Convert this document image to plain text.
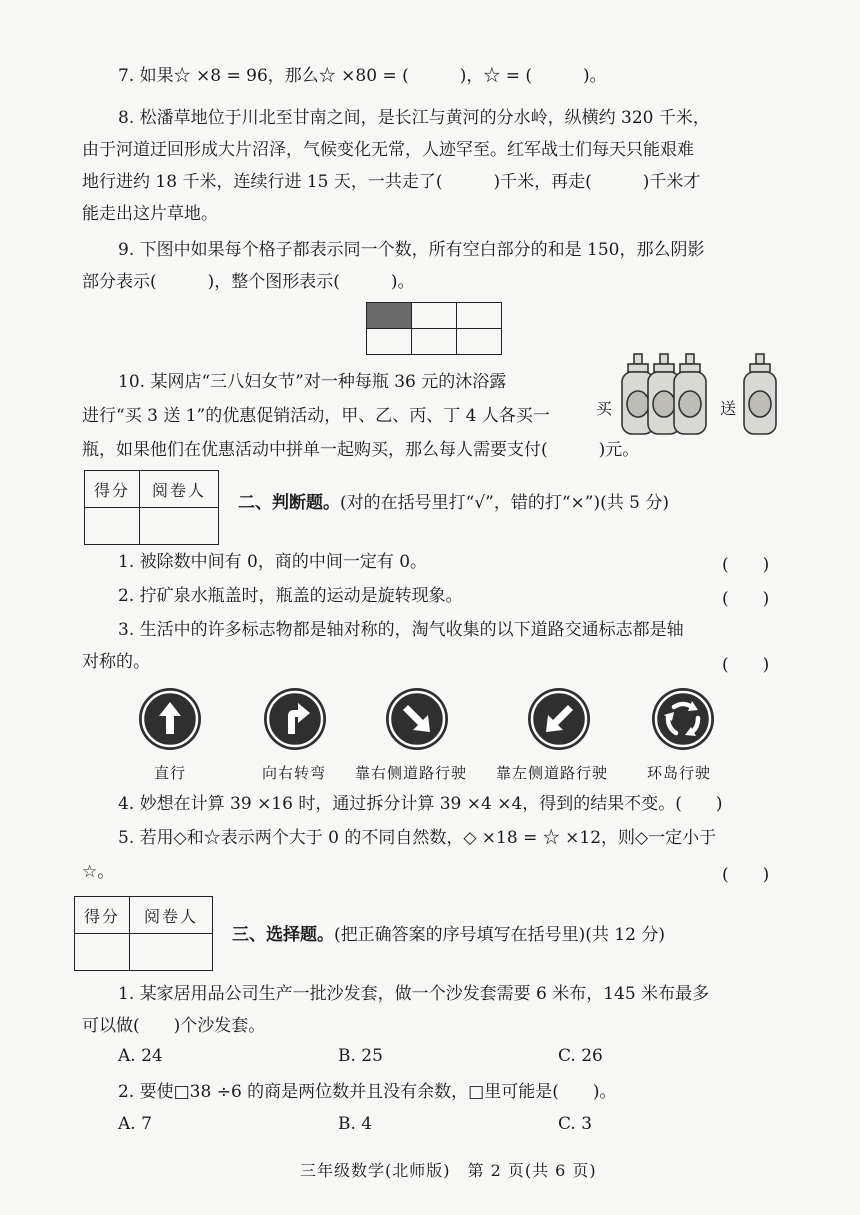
7. 如果☆ ×8 = 96，那么☆ ×80 = (　　　)，☆ = (　　　)。
8. 松潘草地位于川北至甘南之间，是长江与黄河的分水岭，纵横约 320 千米，
由于河道迂回形成大片沼泽，气候变化无常，人迹罕至。红军战士们每天只能艰难
地行进约 18 千米，连续行进 15 天，一共走了(　　　)千米，再走(　　　)千米才
能走出这片草地。
9. 下图中如果每个格子都表示同一个数，所有空白部分的和是 150，那么阴影
部分表示(　　　)，整个图形表示(　　　)。

10. 某网店“三八妇女节”对一种每瓶 36 元的沐浴露
进行“买 3 送 1”的优惠促销活动，甲、乙、丙、丁 4 人各买一
瓶，如果他们在优惠活动中拼单一起购买，那么每人需要支付(　　　)元。
买	送
得分	阅卷人

二、判断题。(对的在括号里打“√”，错的打“×”)(共 5 分)
1. 被除数中间有 0，商的中间一定有 0。	(　　)
2. 拧矿泉水瓶盖时，瓶盖的运动是旋转现象。	(　　)
3. 生活中的许多标志物都是轴对称的，淘气收集的以下道路交通标志都是轴
对称的。	(　　)
直行	向右转弯 靠右侧道路行驶 靠左侧道路行驶	环岛行驶
4. 妙想在计算 39 ×16 时，通过拆分计算 39 ×4 ×4，得到的结果不变。(　　)
5. 若用◇和☆表示两个大于 0 的不同自然数，◇ ×18 = ☆ ×12，则◇一定小于
☆。	(　　)
得分	阅卷人

三、选择题。(把正确答案的序号填写在括号里)(共 12 分)
1. 某家居用品公司生产一批沙发套，做一个沙发套需要 6 米布，145 米布最多
可以做(　　)个沙发套。
A. 24	B. 25	C. 26
2. 要使□38 ÷6 的商是两位数并且没有余数，□里可能是(　　)。
A. 7	B. 4	C. 3
三年级数学(北师版)　第 2 页(共 6 页)
